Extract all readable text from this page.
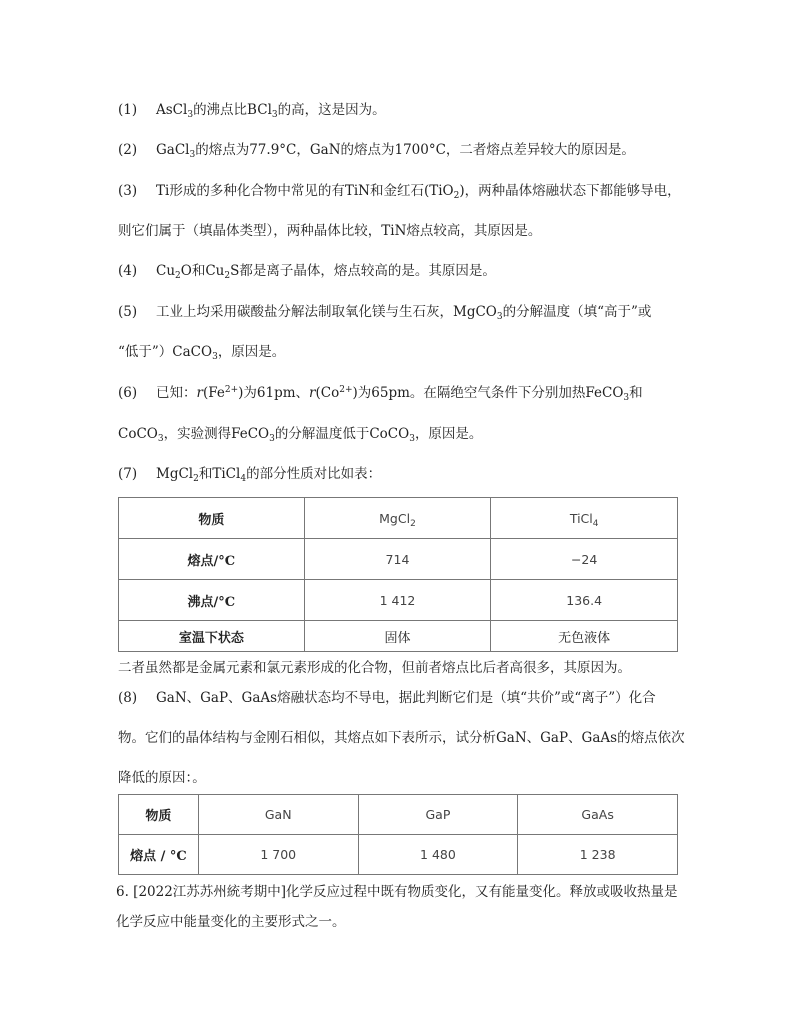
(1) AsCl$_3$的沸点比BCl$_3$的高，这是因为。
(2) GaCl$_3$的熔点为77.9°C，GaN的熔点为1700°C，二者熔点差异较大的原因是。
(3) Ti形成的多种化合物中常见的有TiN和金红石(TiO$_2$)，两种晶体熔融状态下都能够导电，
则它们属于（填晶体类型），两种晶体比较，TiN熔点较高，其原因是。
(4) $Cu_2O$和$Cu_2S$都是离子晶体，熔点较高的是。其原因是。
(5) 工业上均采用碳酸盐分解法制取氧化镁与生石灰，MgCO$_3$的分解温度（填“高于”或
“低于”）CaCO$_3$，原因是。
(6) 已知：$r(Fe^{2+})$为61pm、$r(Co^{2+})$为65pm。在隔绝空气条件下分别加热FeCO$_3$和
CoCO$_3$，实验测得FeCO$_3$的分解温度低于CoCO$_3$，原因是。
(7) MgCl$_2$和TiCl$_4$的部分性质对比如表：
物质	MgCl$_2$	TiCl$_4$
熔点/°C	714	−24
沸点/°C	1 412	136.4
室温下状态	固体	无色液体
二者虽然都是金属元素和氯元素形成的化合物，但前者熔点比后者高很多，其原因为。
(8) GaN、GaP、GaAs熔融状态均不导电，据此判断它们是（填“共价”或“离子”）化合
物。它们的晶体结构与金刚石相似，其熔点如下表所示，试分析GaN、GaP、GaAs的熔点依次
降低的原因：。
物质	GaN	GaP	GaAs
熔点 / °C	1 700	1 480	1 238
6. [2022江苏苏州統考期中]化学反应过程中既有物质变化，又有能量变化。释放或吸收热量是
化学反应中能量变化的主要形式之一。
